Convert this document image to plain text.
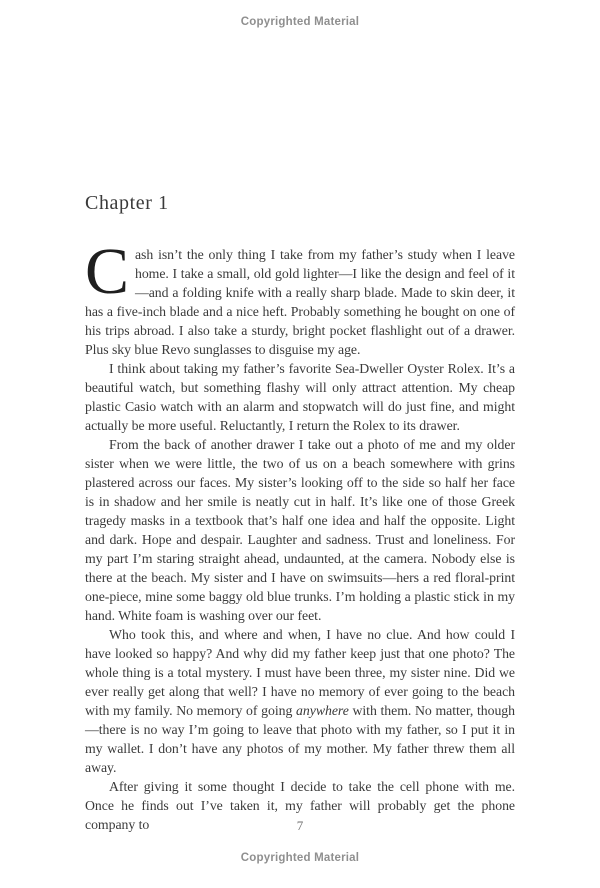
Copyrighted Material
Chapter 1

Cash isn’t the only thing I take from my father’s study when I leave home. I take a small, old gold lighter—I like the design and feel of it—and a folding knife with a really sharp blade. Made to skin deer, it has a five-inch blade and a nice heft. Probably something he bought on one of his trips abroad. I also take a sturdy, bright pocket flashlight out of a drawer. Plus sky blue Revo sunglasses to disguise my age.

I think about taking my father’s favorite Sea-Dweller Oyster Rolex. It’s a beautiful watch, but something flashy will only attract attention. My cheap plastic Casio watch with an alarm and stopwatch will do just fine, and might actually be more useful. Reluctantly, I return the Rolex to its drawer.

From the back of another drawer I take out a photo of me and my older sister when we were little, the two of us on a beach somewhere with grins plastered across our faces. My sister’s looking off to the side so half her face is in shadow and her smile is neatly cut in half. It’s like one of those Greek tragedy masks in a textbook that’s half one idea and half the opposite. Light and dark. Hope and despair. Laughter and sadness. Trust and loneliness. For my part I’m staring straight ahead, undaunted, at the camera. Nobody else is there at the beach. My sister and I have on swimsuits—hers a red floral-print one-piece, mine some baggy old blue trunks. I’m holding a plastic stick in my hand. White foam is washing over our feet.

Who took this, and where and when, I have no clue. And how could I have looked so happy? And why did my father keep just that one photo? The whole thing is a total mystery. I must have been three, my sister nine. Did we ever really get along that well? I have no memory of ever going to the beach with my family. No memory of going anywhere with them. No matter, though—there is no way I’m going to leave that photo with my father, so I put it in my wallet. I don’t have any photos of my mother. My father threw them all away.

After giving it some thought I decide to take the cell phone with me. Once he finds out I’ve taken it, my father will probably get the phone company to	7
Copyrighted Material
